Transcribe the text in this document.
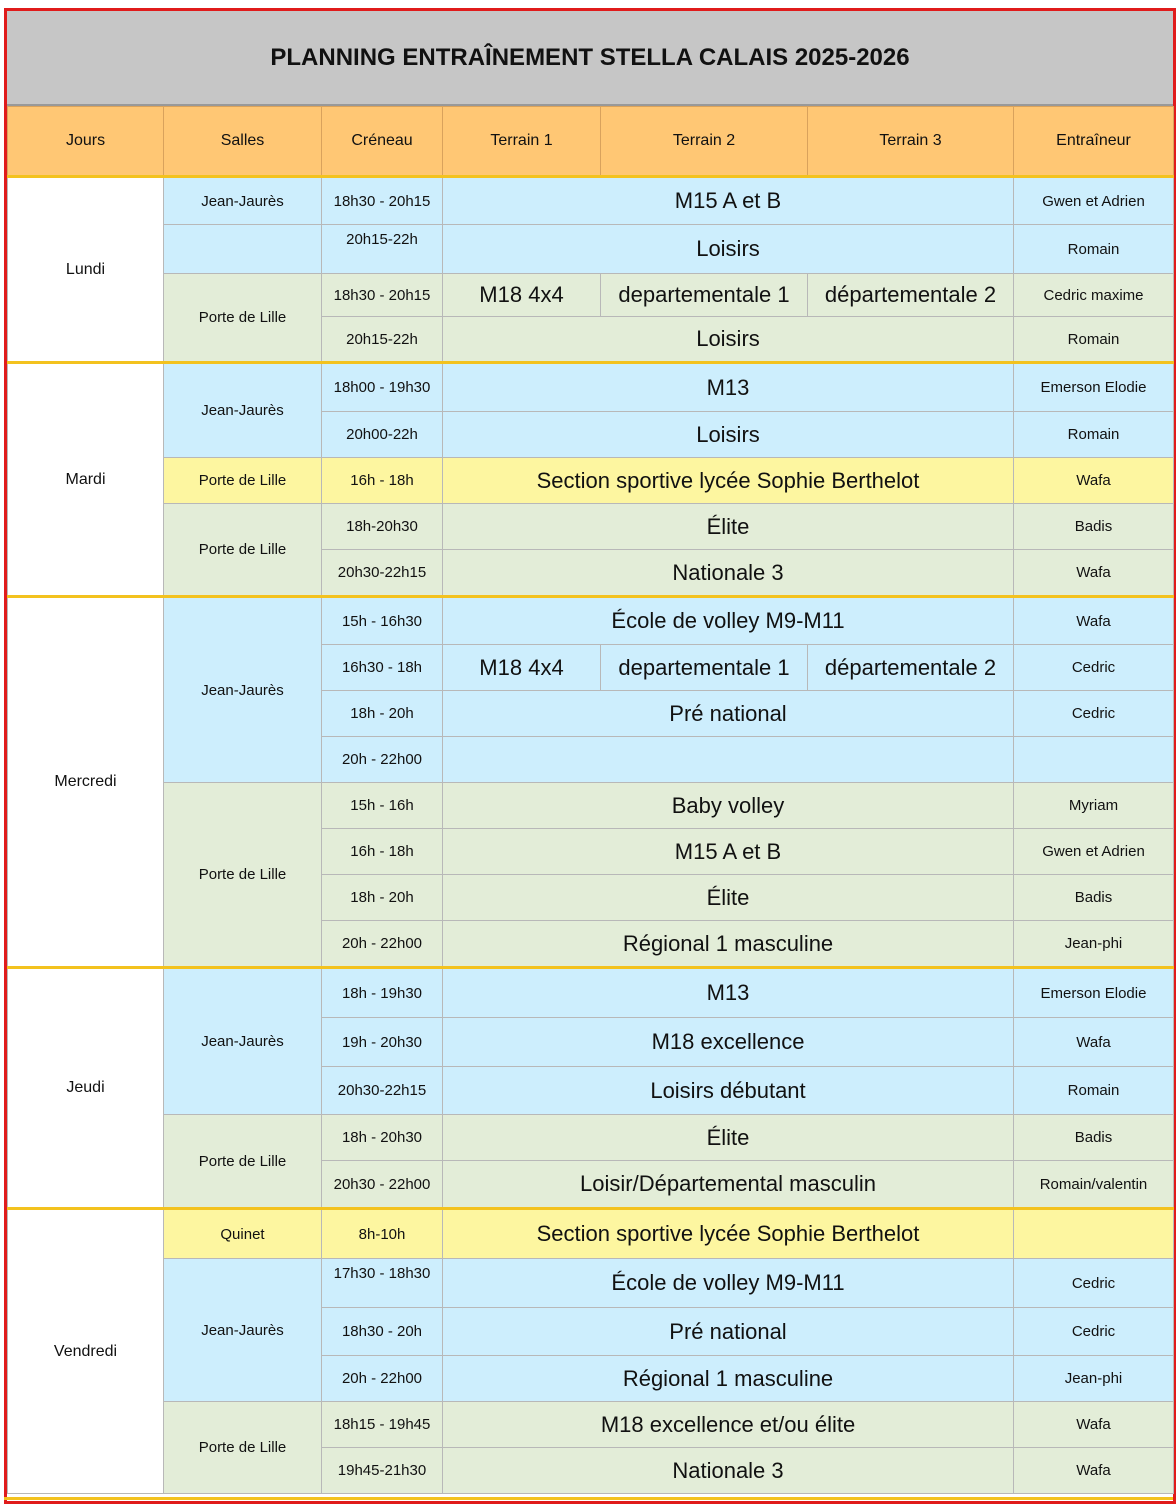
PLANNING ENTRAÎNEMENT STELLA CALAIS 2025-2026
Jours	Salles	Créneau	Terrain 1	Terrain 2	Terrain 3	Entraîneur
Lundi	Jean-Jaurès	18h30 - 20h15	M15 A et B			Gwen et Adrien
		20h15-22h	Loisirs			Romain
	Porte de Lille	18h30 - 20h15	M18 4x4	departementale 1	départementale 2	Cedric maxime
		20h15-22h	Loisirs			Romain
Mardi	Jean-Jaurès	18h00 - 19h30	M13			Emerson Elodie
		20h00-22h	Loisirs			Romain
	Porte de Lille	16h - 18h	Section sportive lycée Sophie Berthelot			Wafa
	Porte de Lille	18h-20h30	Élite			Badis
		20h30-22h15	Nationale 3			Wafa
Mercredi	Jean-Jaurès	15h - 16h30	École de volley M9-M11			Wafa
		16h30 - 18h	M18 4x4	departementale 1	départementale 2	Cedric
		18h - 20h	Pré national			Cedric
		20h - 22h00				
	Porte de Lille	15h - 16h	Baby volley			Myriam
		16h - 18h	M15 A et B			Gwen et Adrien
		18h - 20h	Élite			Badis
		20h - 22h00	Régional 1 masculine			Jean-phi
Jeudi	Jean-Jaurès	18h - 19h30	M13			Emerson Elodie
		19h - 20h30	M18 excellence			Wafa
		20h30-22h15	Loisirs débutant			Romain
	Porte de Lille	18h - 20h30	Élite			Badis
		20h30 - 22h00	Loisir/Départemental masculin			Romain/valentin
Vendredi	Quinet	8h-10h	Section sportive lycée Sophie Berthelot			
	Jean-Jaurès	17h30 - 18h30	École de volley M9-M11			Cedric
		18h30 - 20h	Pré national			Cedric
		20h - 22h00	Régional 1 masculine			Jean-phi
	Porte de Lille	18h15 - 19h45	M18 excellence et/ou élite			Wafa
		19h45-21h30	Nationale 3			Wafa
